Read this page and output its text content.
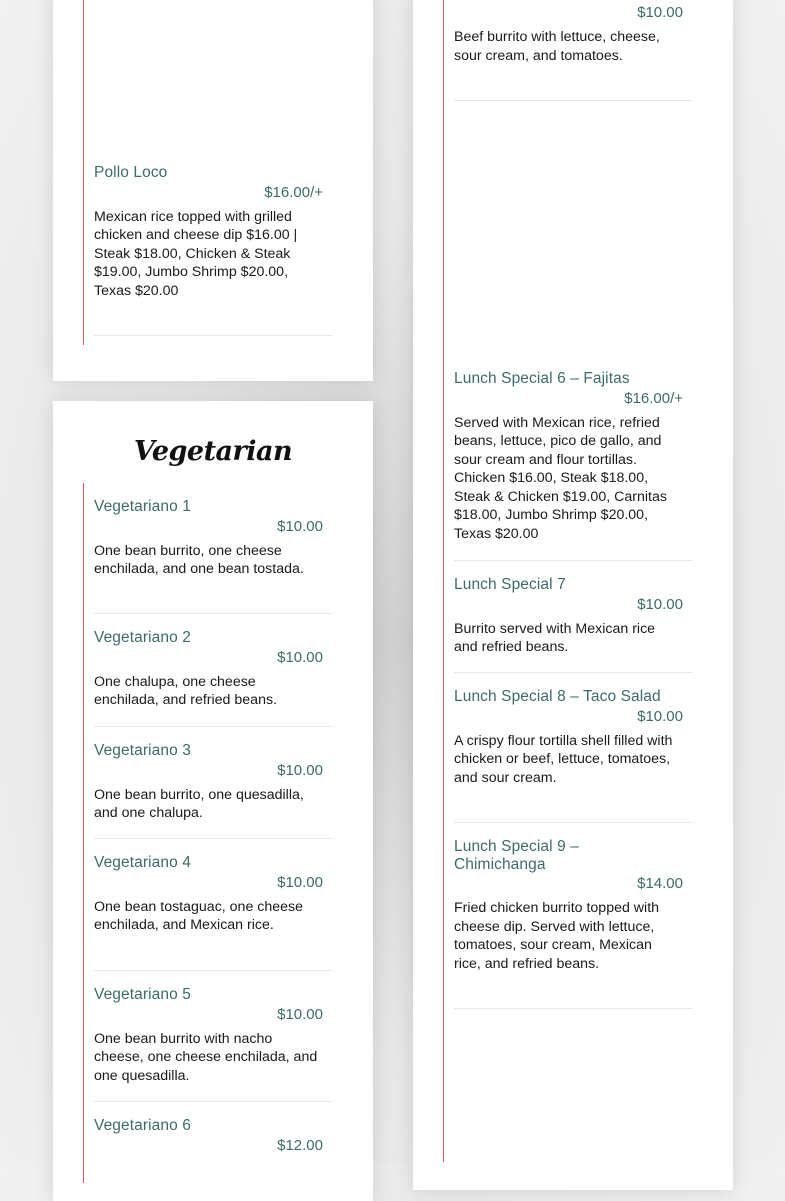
Pollo Loco
$16.00/+
Mexican rice topped with grilled chicken and cheese dip $16.00 | Steak $18.00, Chicken & Steak $19.00, Jumbo Shrimp $20.00, Texas $20.00
Vegetarian
Vegetariano 1
$10.00
One bean burrito, one cheese enchilada, and one bean tostada.
Vegetariano 2
$10.00
One chalupa, one cheese enchilada, and refried beans.
Vegetariano 3
$10.00
One bean burrito, one quesadilla, and one chalupa.
Vegetariano 4
$10.00
One bean tostaguac, one cheese enchilada, and Mexican rice.
Vegetariano 5
$10.00
One bean burrito with nacho cheese, one cheese enchilada, and one quesadilla.
Vegetariano 6
$12.00
$10.00
Beef burrito with lettuce, cheese, sour cream, and tomatoes.
Lunch Special 6 – Fajitas
$16.00/+
Served with Mexican rice, refried beans, lettuce, pico de gallo, and sour cream and flour tortillas. Chicken $16.00, Steak $18.00, Steak & Chicken $19.00, Carnitas $18.00, Jumbo Shrimp $20.00, Texas $20.00
Lunch Special 7
$10.00
Burrito served with Mexican rice and refried beans.
Lunch Special 8 – Taco Salad
$10.00
A crispy flour tortilla shell filled with chicken or beef, lettuce, tomatoes, and sour cream.
Lunch Special 9 – Chimichanga
$14.00
Fried chicken burrito topped with cheese dip. Served with lettuce, tomatoes, sour cream, Mexican rice, and refried beans.
